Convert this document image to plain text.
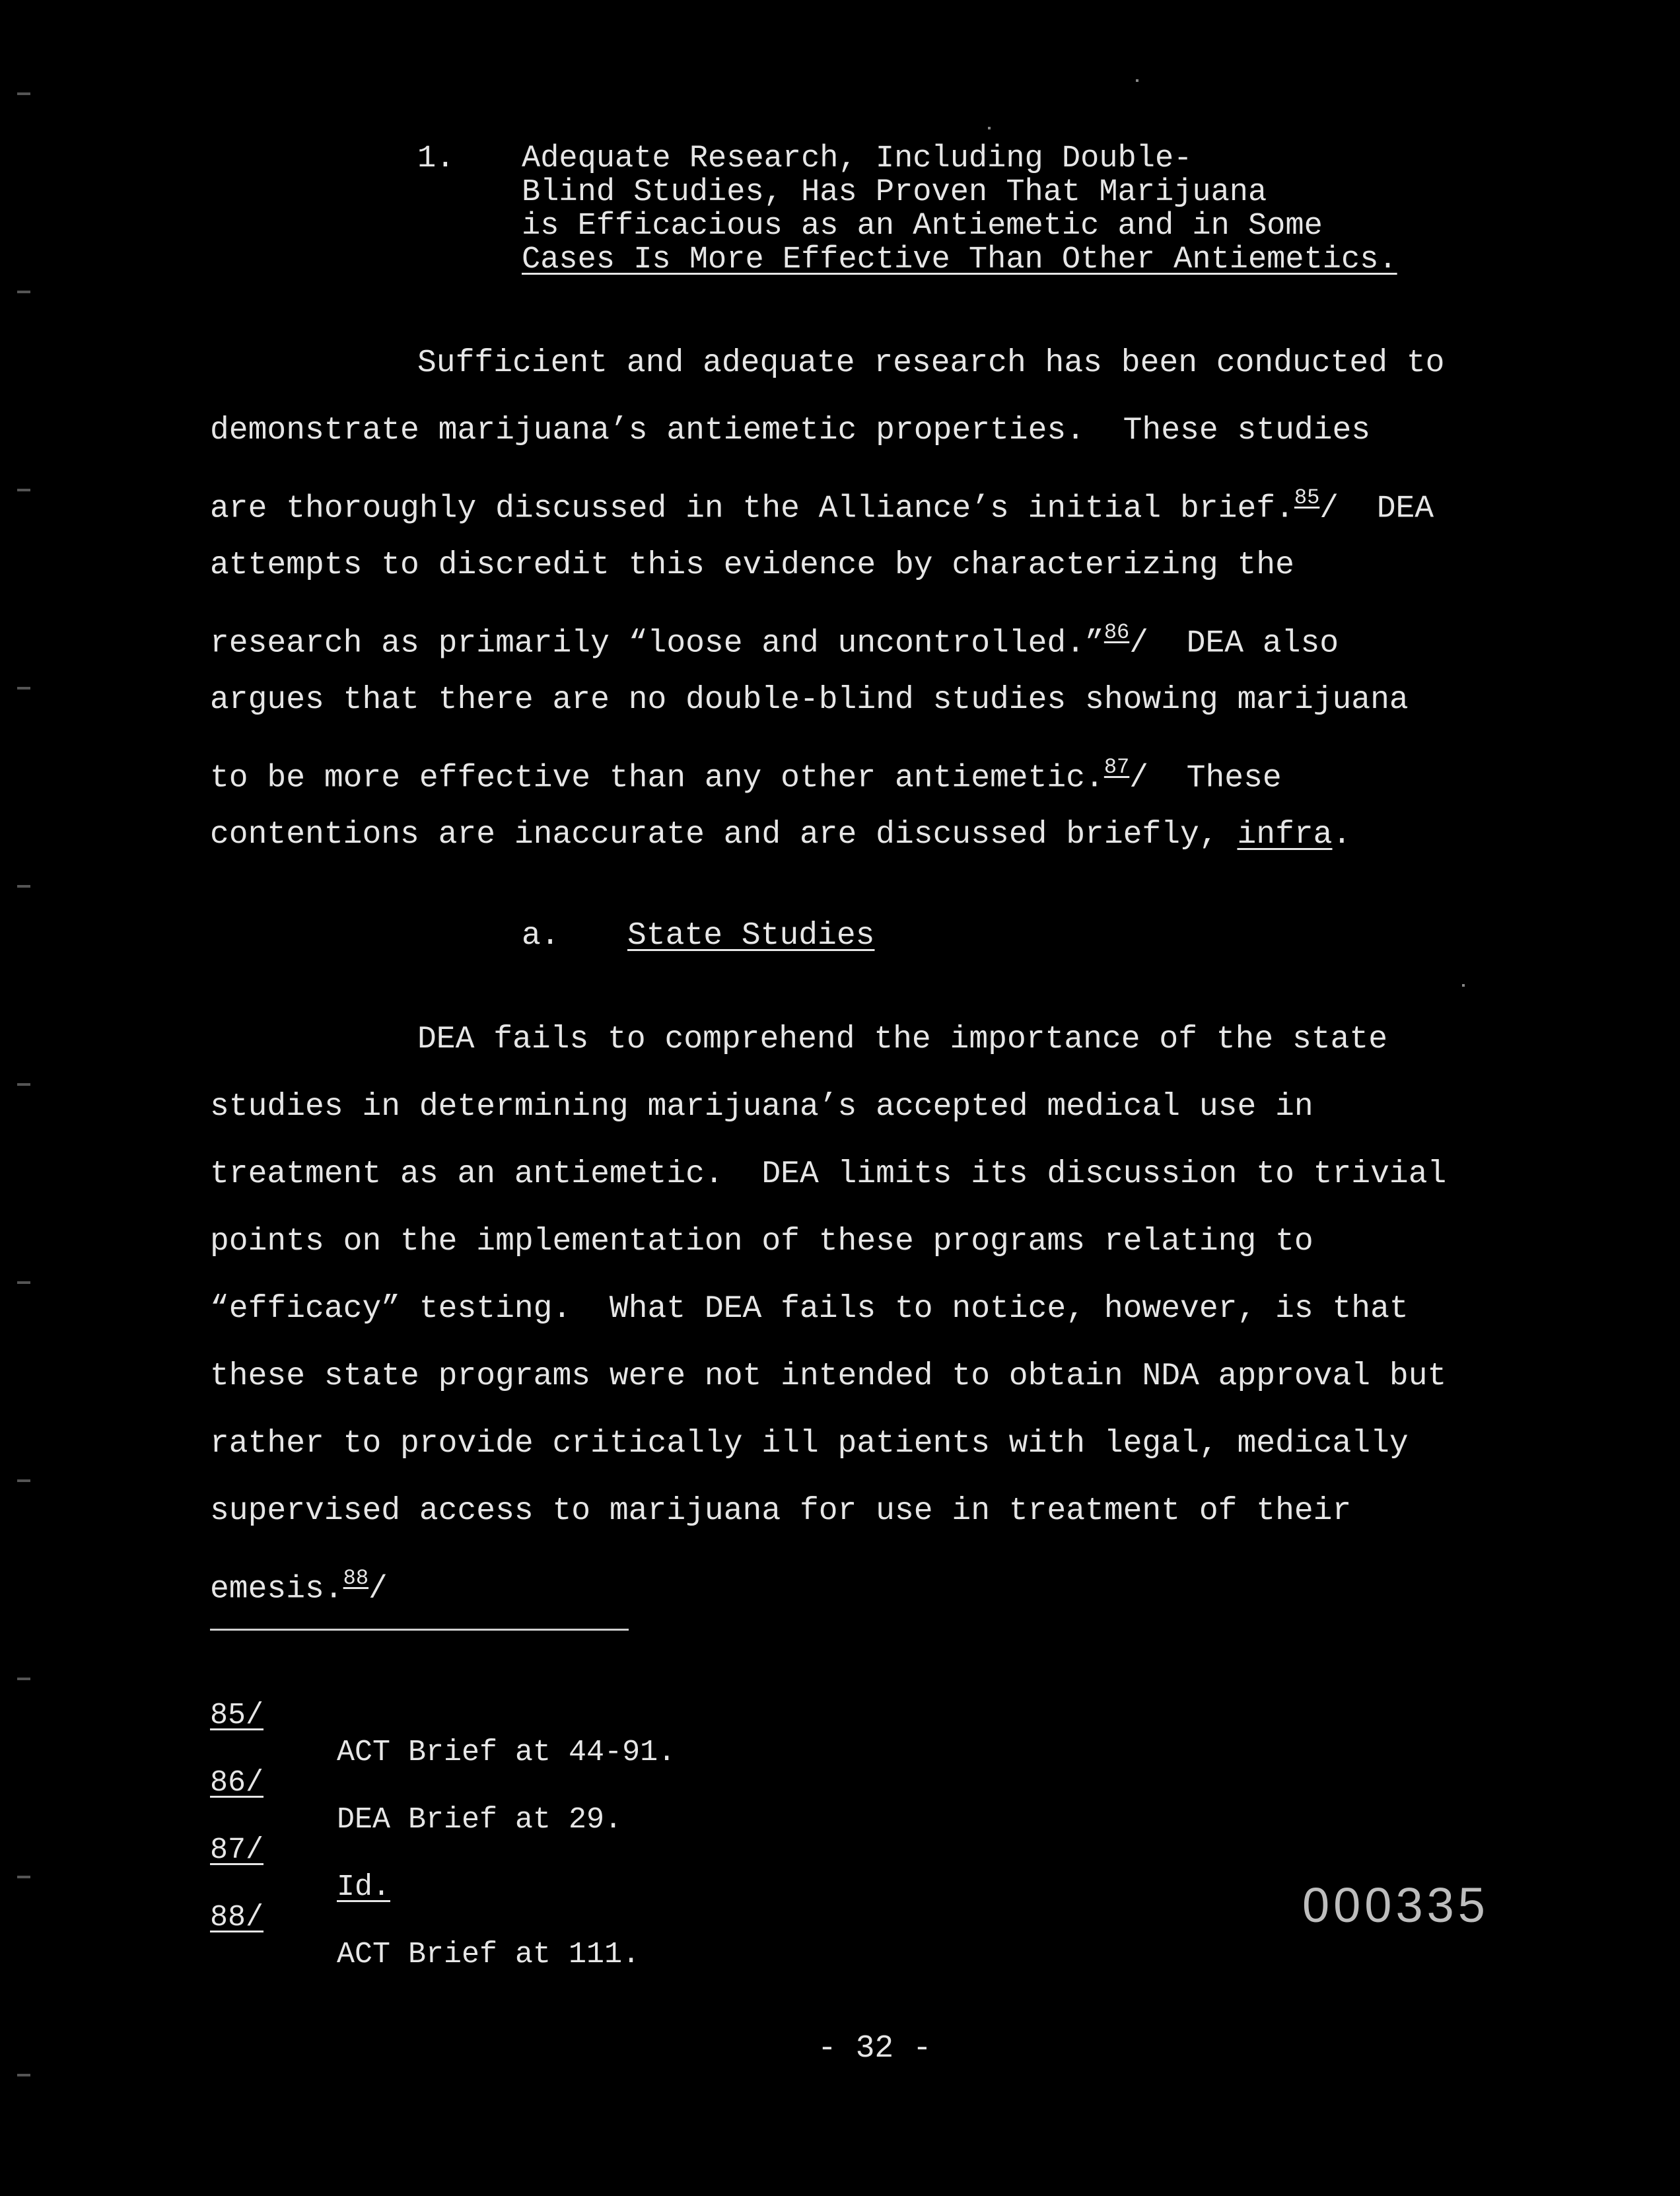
1.

Adequate Research, Including Double-

Blind Studies, Has Proven That Marijuana

is Efficacious as an Antiemetic and in Some

Cases Is More Effective Than Other Antiemetics.

Sufficient and adequate research has been conducted to
demonstrate marijuana’s antiemetic properties.  These studies
are thoroughly discussed in the Alliance’s initial brief.$^{85}$/  DEA
attempts to discredit this evidence by characterizing the
research as primarily “loose and uncontrolled.”$^{86}$/  DEA also
argues that there are no double-blind studies showing marijuana
to be more effective than any other antiemetic.$^{87}$/  These
contentions are inaccurate and are discussed briefly, infra.
a. State Studies
DEA fails to comprehend the importance of the state
studies in determining marijuana’s accepted medical use in
treatment as an antiemetic.  DEA limits its discussion to trivial
points on the implementation of these programs relating to
“efficacy” testing.  What DEA fails to notice, however, is that
these state programs were not intended to obtain NDA approval but
rather to provide critically ill patients with legal, medically
supervised access to marijuana for use in treatment of their
emesis.$^{88}$/

85/

ACT Brief at 44-91.

86/

DEA Brief at 29.

87/

Id.

88/

ACT Brief at 111.

000335
- 32 -
